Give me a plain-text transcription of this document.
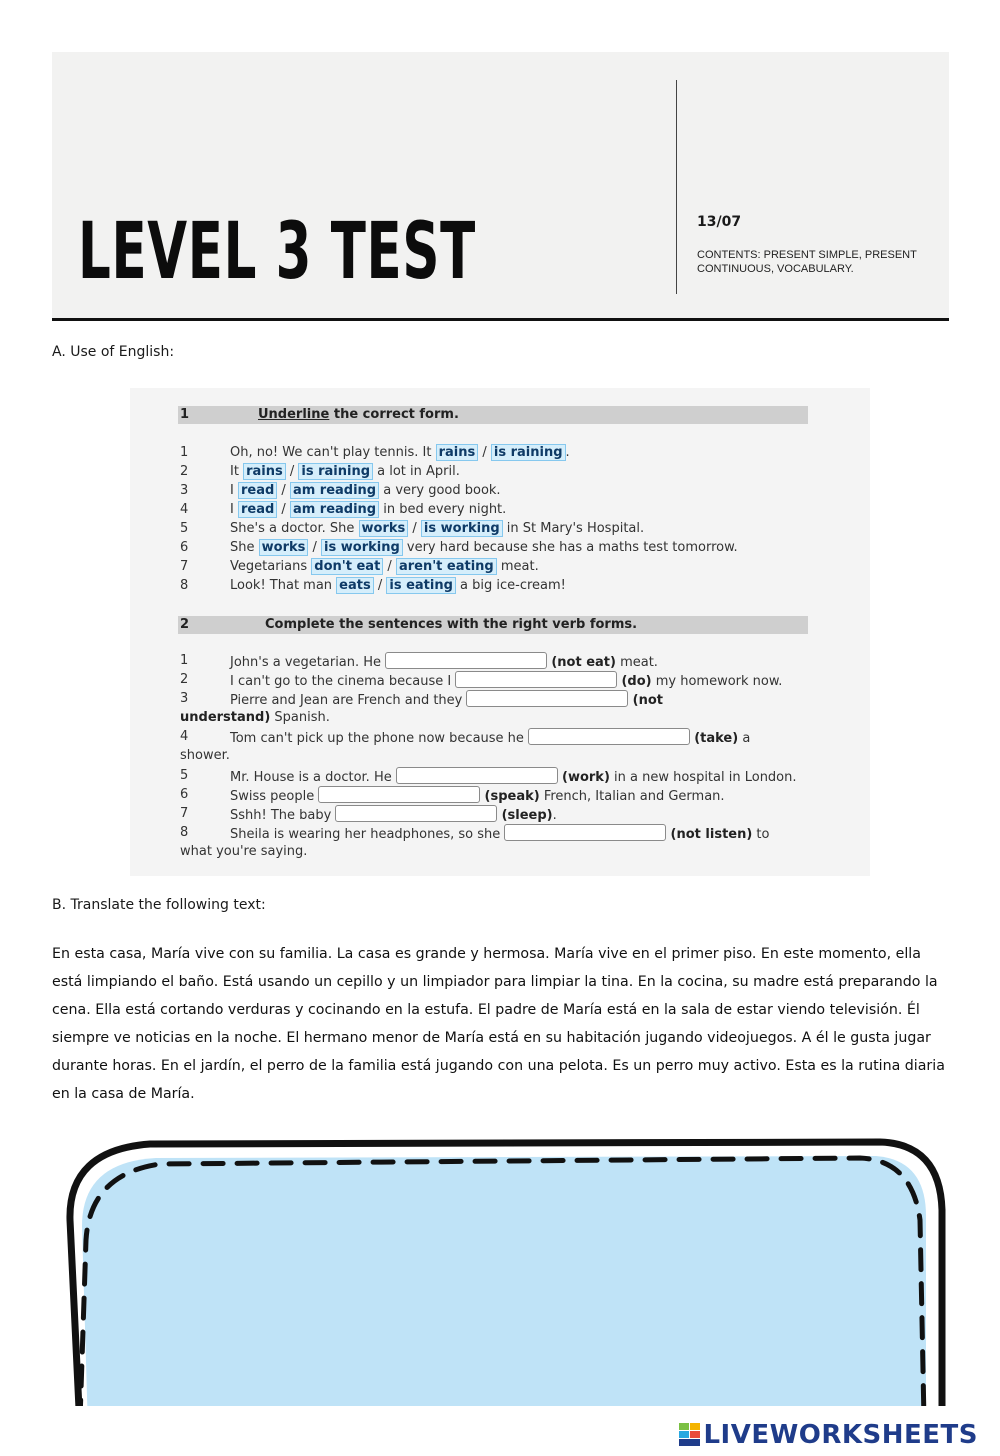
LEVEL 3 TEST	13/07
CONTENTS: PRESENT SIMPLE, PRESENT CONTINUOUS, VOCABULARY.
A. Use of English:
1	Underline the correct form.
1	Oh, no! We can't play tennis. It rains / is raining .
2	It rains / is raining a lot in April.
3	I read / am reading a very good book.
4	I read / am reading in bed every night.
5	She's a doctor. She works / is working in St Mary's Hospital.
6	She works / is working very hard because she has a maths test tomorrow.
7	Vegetarians don't eat / aren't eating meat.
8	Look! That man eats / is eating a big ice-cream!
2	Complete the sentences with the right verb forms.
1	John's a vegetarian. He	(not eat) meat.
2	I can't go to the cinema because I	(do) my homework now.
3	Pierre and Jean are French and they	(not
understand) Spanish.
4	Tom can't pick up the phone now because he	(take) a
shower.
5	Mr. House is a doctor. He	(work) in a new hospital in London.
6	Swiss people	(speak) French, Italian and German.
7	Sshh! The baby	(sleep).
8	Sheila is wearing her headphones, so she	(not listen) to
what you're saying.
B. Translate the following text:

En esta casa, María vive con su familia. La casa es grande y hermosa. María vive en el primer piso. En este momento, ella está limpiando el baño. Está usando un cepillo y un limpiador para limpiar la tina. En la cocina, su madre está preparando la cena. Ella está cortando verduras y cocinando en la estufa. El padre de María está en la sala de estar viendo televisión. Él siempre ve noticias en la noche. El hermano menor de María está en su habitación jugando videojuegos. A él le gusta jugar durante horas. En el jardín, el perro de la familia está jugando con una pelota. Es un perro muy activo. Esta es la rutina diaria en la casa de María.

LIVEWORKSHEETS
